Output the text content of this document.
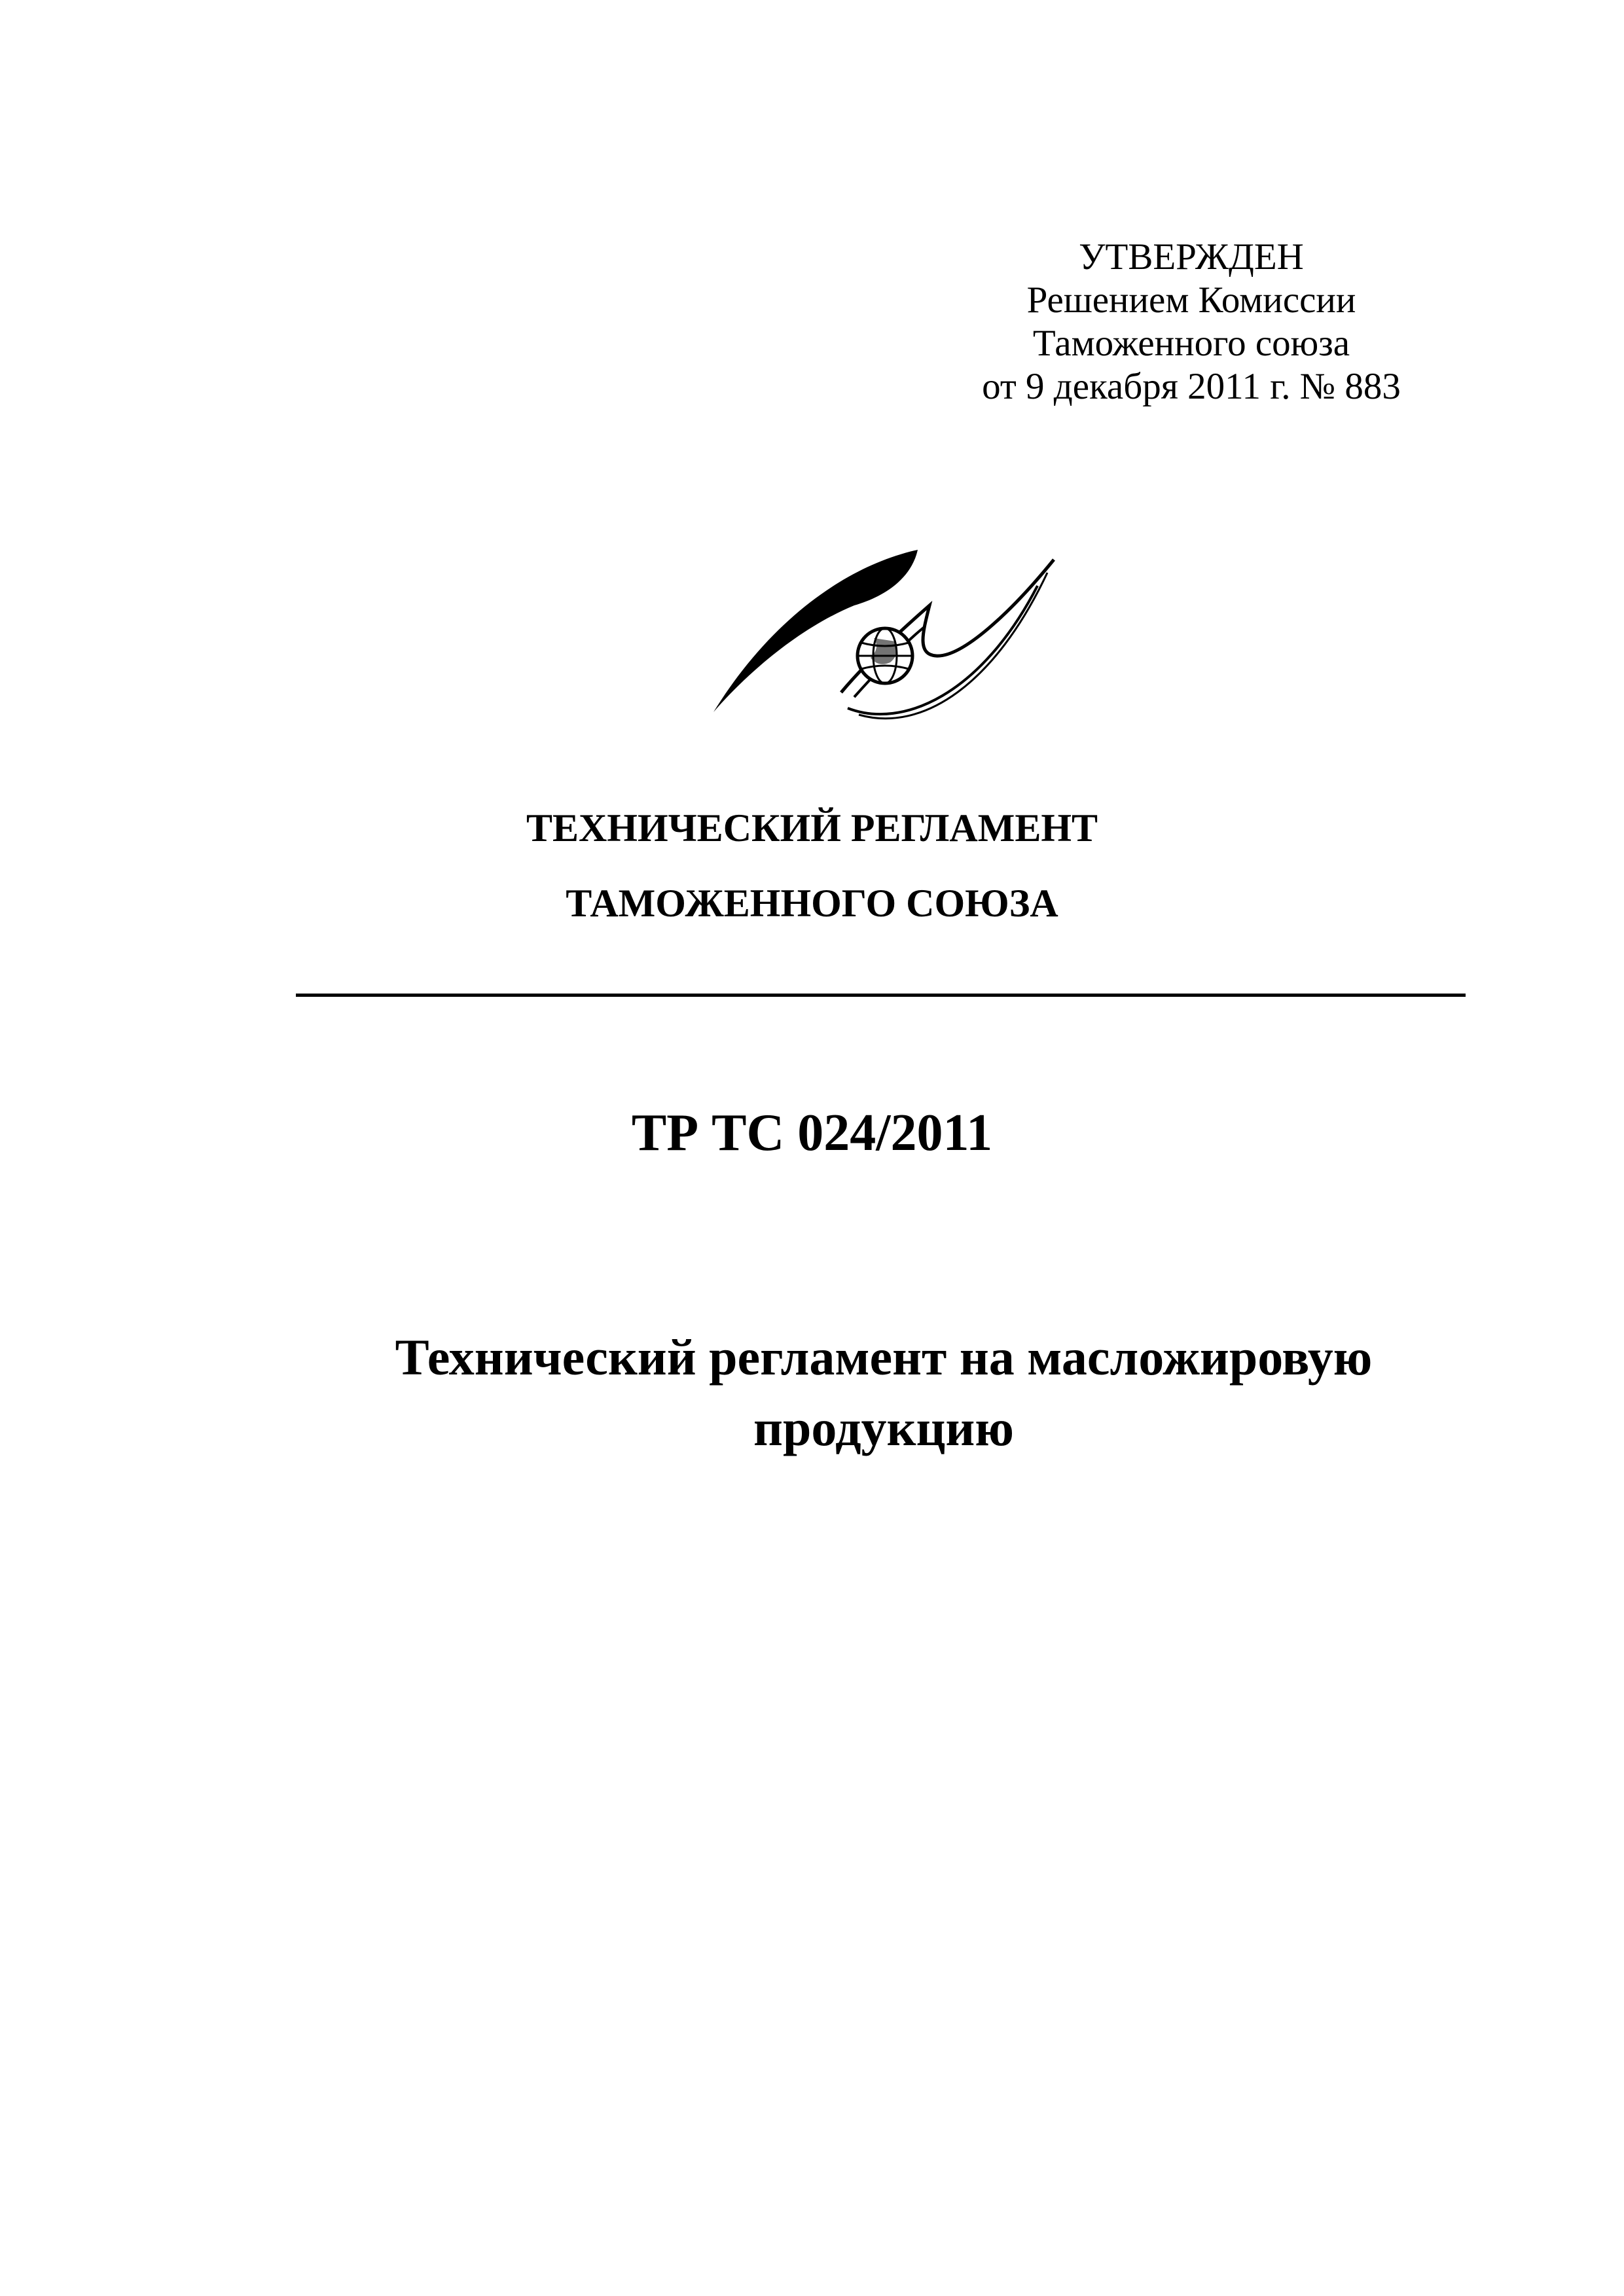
УТВЕРЖДЕН
Решением Комиссии
Таможенного союза
от 9 декабря 2011 г. № 883
ТЕХНИЧЕСКИЙ РЕГЛАМЕНТ
ТАМОЖЕННОГО СОЮЗА
ТР ТС 024/2011
Технический регламент на масложировую
продукцию
